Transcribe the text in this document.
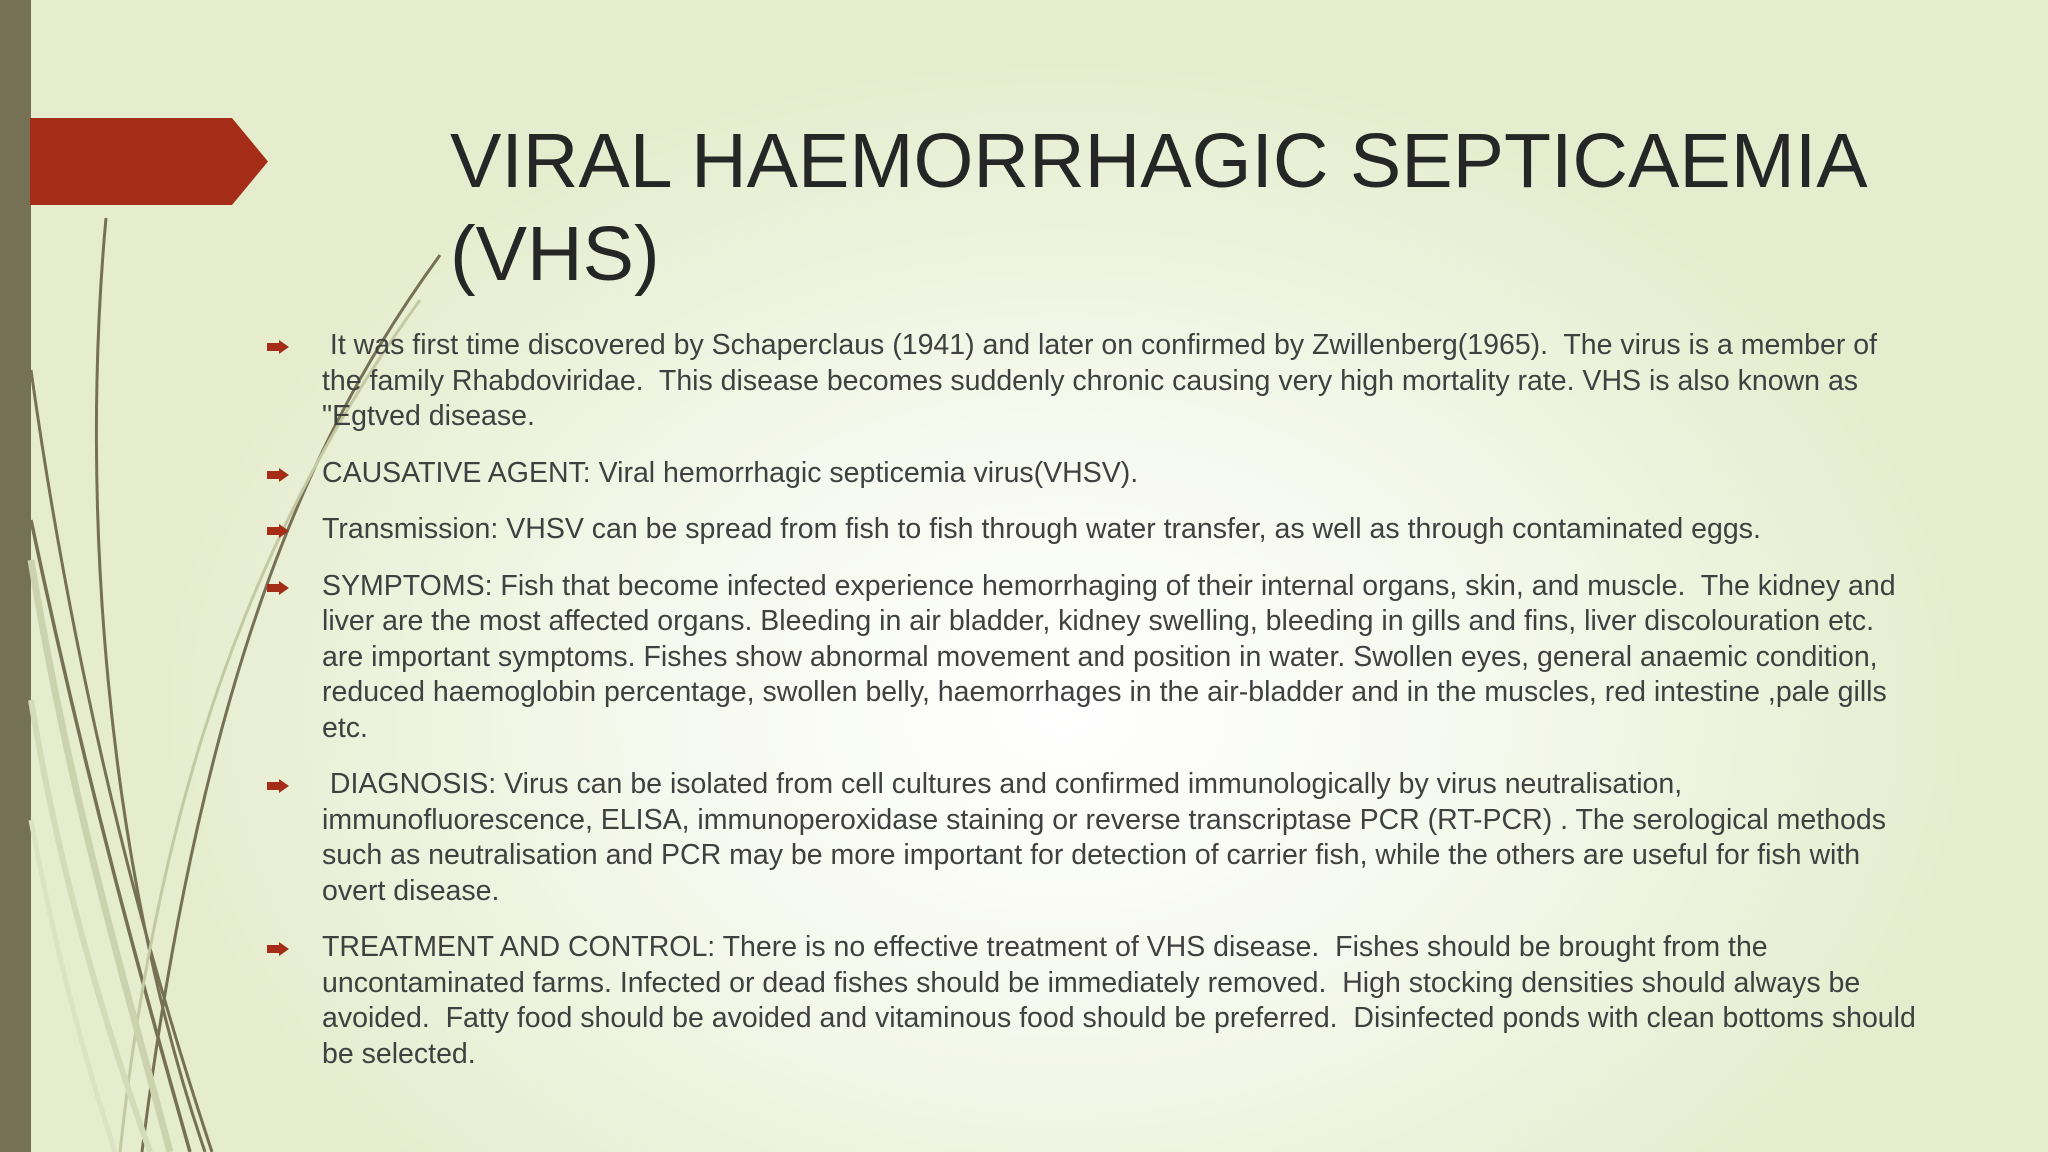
VIRAL HAEMORRHAGIC SEPTICAEMIA (VHS)
It was first time discovered by Schaperclaus (1941) and later on confirmed by Zwillenberg(1965).  The virus is a member of the family Rhabdoviridae.  This disease becomes suddenly chronic causing very high mortality rate. VHS is also known as "Egtved disease.
CAUSATIVE AGENT: Viral hemorrhagic septicemia virus(VHSV).
Transmission: VHSV can be spread from fish to fish through water transfer, as well as through contaminated eggs.
SYMPTOMS: Fish that become infected experience hemorrhaging of their internal organs, skin, and muscle.  The kidney and liver are the most affected organs. Bleeding in air bladder, kidney swelling, bleeding in gills and fins, liver discolouration etc. are important symptoms. Fishes show abnormal movement and position in water. Swollen eyes, general anaemic condition, reduced haemoglobin percentage, swollen belly, haemorrhages in the air-bladder and in the muscles, red intestine ,pale gills etc.
DIAGNOSIS: Virus can be isolated from cell cultures and confirmed immunologically by virus neutralisation, immunofluorescence, ELISA, immunoperoxidase staining or reverse transcriptase PCR (RT-PCR) . The serological methods such as neutralisation and PCR may be more important for detection of carrier fish, while the others are useful for fish with overt disease.
TREATMENT AND CONTROL: There is no effective treatment of VHS disease.  Fishes should be brought from the uncontaminated farms. Infected or dead fishes should be immediately removed.  High stocking densities should always be avoided.  Fatty food should be avoided and vitaminous food should be preferred.  Disinfected ponds with clean bottoms should be selected.
